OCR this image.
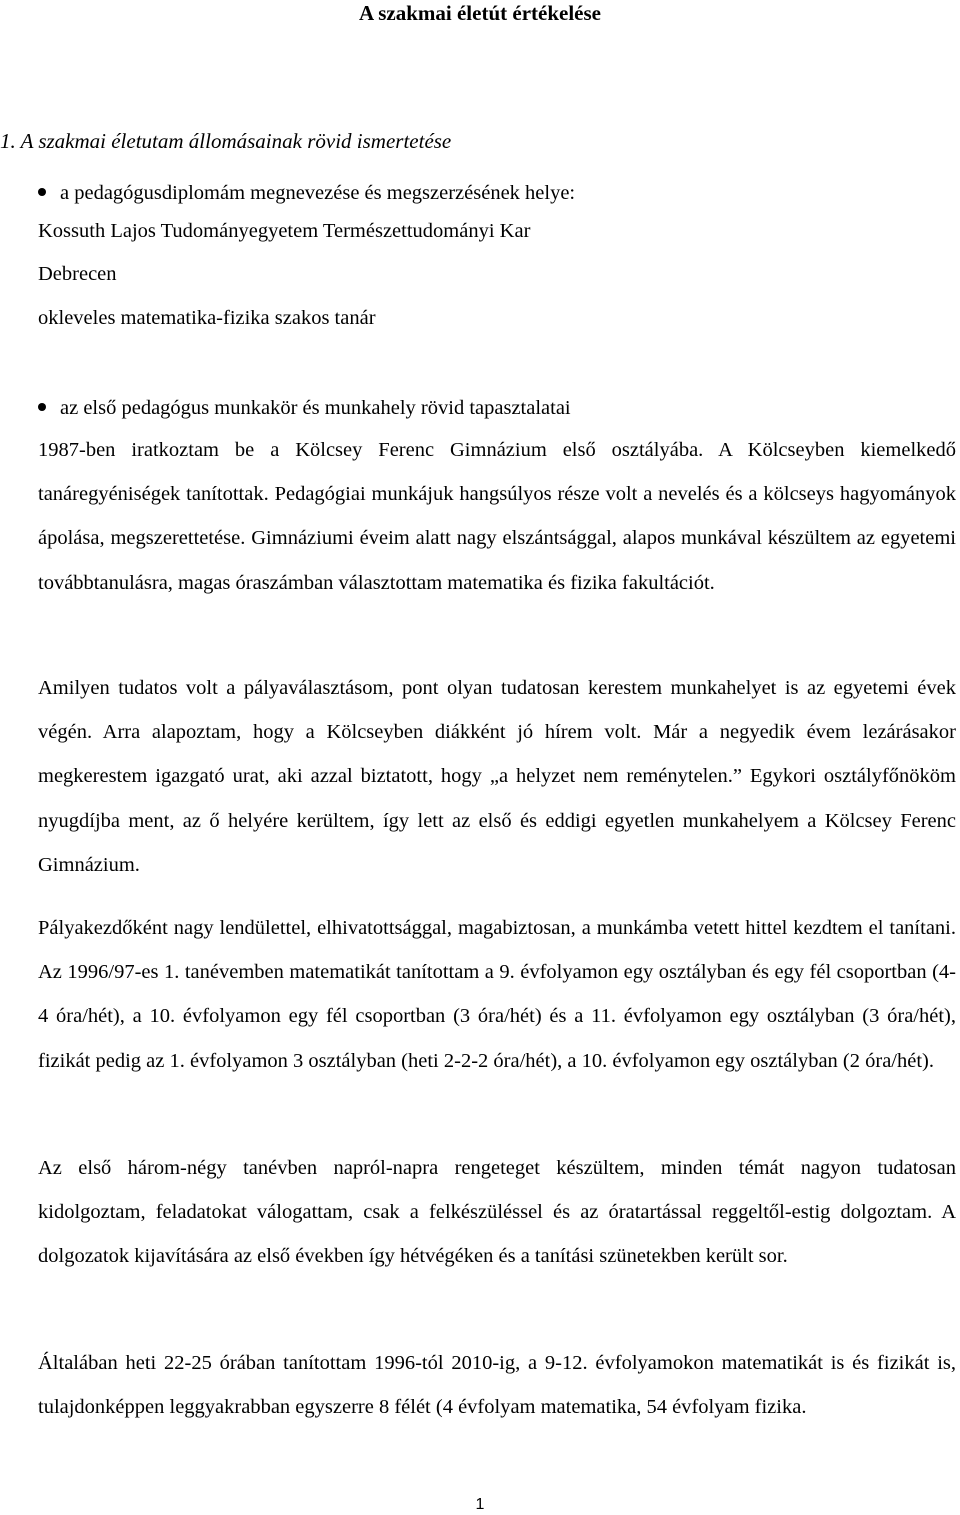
A szakmai életút értékelése
1. A szakmai életutam állomásainak rövid ismertetése
a pedagógusdiplomám megnevezése és megszerzésének helye:
Kossuth Lajos Tudományegyetem Természettudományi Kar
Debrecen
okleveles matematika-fizika szakos tanár
az első pedagógus munkakör és munkahely rövid tapasztalatai
1987-ben iratkoztam be a Kölcsey Ferenc Gimnázium első osztályába. A Kölcseyben kiemelkedő tanáregyéniségek tanítottak. Pedagógiai munkájuk hangsúlyos része volt a nevelés és a kölcseys hagyományok ápolása, megszerettetése. Gimnáziumi éveim alatt nagy elszántsággal, alapos munkával készültem az egyetemi továbbtanulásra, magas óraszámban választottam matematika és fizika fakultációt.
Amilyen tudatos volt a pályaválasztásom, pont olyan tudatosan kerestem munkahelyet is az egyetemi évek végén. Arra alapoztam, hogy a Kölcseyben diákként jó hírem volt. Már a negyedik évem lezárásakor megkerestem igazgató urat, aki azzal biztatott, hogy „a helyzet nem reménytelen.” Egykori osztályfőnököm nyugdíjba ment, az ő helyére kerültem, így lett az első és eddigi egyetlen munkahelyem a Kölcsey Ferenc Gimnázium.
Pályakezdőként nagy lendülettel, elhivatottsággal, magabiztosan, a munkámba vetett hittel kezdtem el tanítani. Az 1996/97-es 1. tanévemben matematikát tanítottam a 9. évfolyamon egy osztályban és egy fél csoportban (4-4 óra/hét), a 10. évfolyamon egy fél csoportban (3 óra/hét) és a 11. évfolyamon egy osztályban (3 óra/hét), fizikát pedig az 1. évfolyamon 3 osztályban (heti 2-2-2 óra/hét), a 10. évfolyamon egy osztályban (2 óra/hét).
Az első három-négy tanévben napról-napra rengeteget készültem, minden témát nagyon tudatosan kidolgoztam, feladatokat válogattam, csak a felkészüléssel és az óratartással reggeltől-estig dolgoztam. A dolgozatok kijavítására az első években így hétvégéken és a tanítási szünetekben került sor.
Általában heti 22-25 órában tanítottam 1996-tól 2010-ig, a 9-12. évfolyamokon matematikát is és fizikát is, tulajdonképpen leggyakrabban egyszerre 8 félét (4 évfolyam matematika, 54 évfolyam fizika.
1
